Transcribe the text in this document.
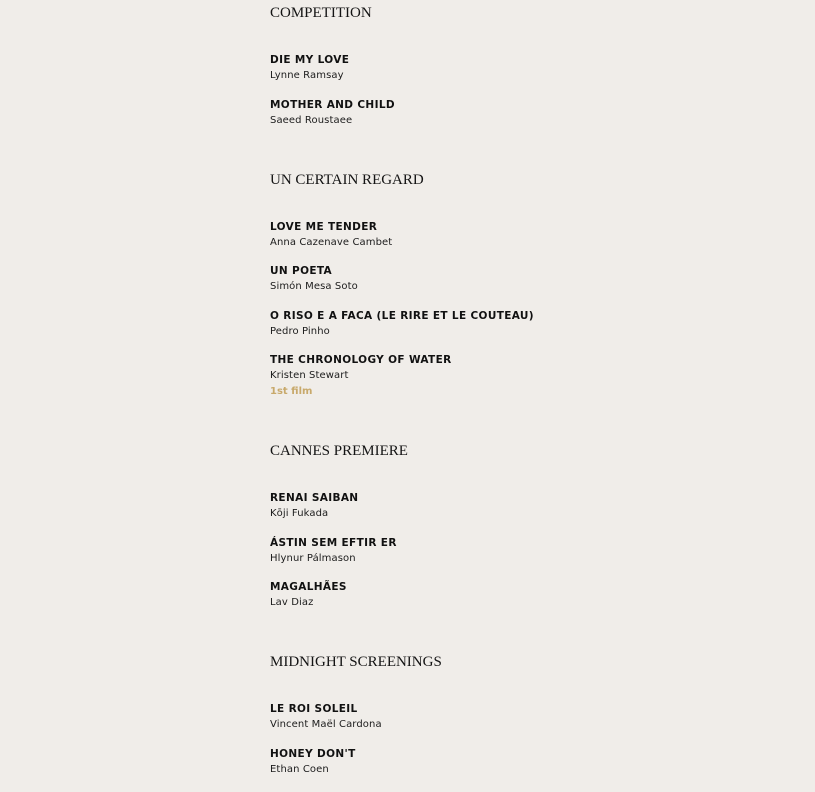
COMPETITION
DIE MY LOVE
Lynne Ramsay
MOTHER AND CHILD
Saeed Roustaee
UN CERTAIN REGARD
LOVE ME TENDER
Anna Cazenave Cambet
UN POETA
Simón Mesa Soto
O RISO E A FACA (LE RIRE ET LE COUTEAU)
Pedro Pinho
THE CHRONOLOGY OF WATER
Kristen Stewart
1st film
CANNES PREMIERE
RENAI SAIBAN
Kōji Fukada
ÁSTIN SEM EFTIR ER
Hlynur Pálmason
MAGALHÃES
Lav Diaz
MIDNIGHT SCREENINGS
LE ROI SOLEIL
Vincent Maël Cardona
HONEY DON'T
Ethan Coen
